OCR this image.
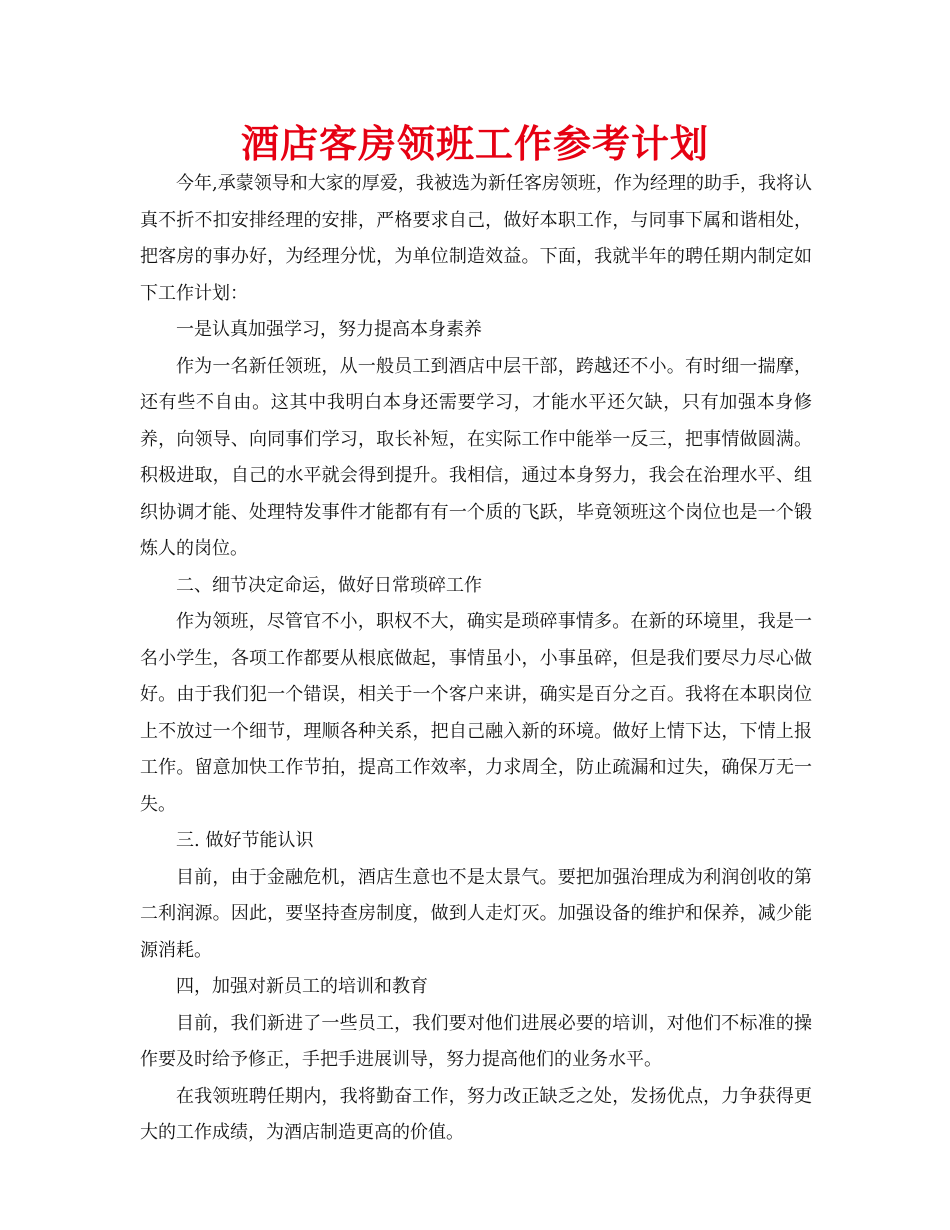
酒店客房领班工作参考计划

今年,承蒙领导和大家的厚爱，我被选为新任客房领班，作为经理的助手，我将认真不折不扣安排经理的安排，严格要求自己，做好本职工作，与同事下属和谐相处，把客房的事办好，为经理分忧，为单位制造效益。下面，我就半年的聘任期内制定如下工作计划：

一是认真加强学习，努力提高本身素养

作为一名新任领班，从一般员工到酒店中层干部，跨越还不小。有时细一揣摩，还有些不自由。这其中我明白本身还需要学习，才能水平还欠缺，只有加强本身修养，向领导、向同事们学习，取长补短，在实际工作中能举一反三，把事情做圆满。积极进取，自己的水平就会得到提升。我相信，通过本身努力，我会在治理水平、组织协调才能、处理特发事件才能都有有一个质的飞跃，毕竟领班这个岗位也是一个锻炼人的岗位。

二、细节决定命运，做好日常琐碎工作

作为领班，尽管官不小，职权不大，确实是琐碎事情多。在新的环境里，我是一名小学生，各项工作都要从根底做起，事情虽小，小事虽碎，但是我们要尽力尽心做好。由于我们犯一个错误，相关于一个客户来讲，确实是百分之百。我将在本职岗位上不放过一个细节，理顺各种关系，把自己融入新的环境。做好上情下达，下情上报工作。留意加快工作节拍，提高工作效率，力求周全，防止疏漏和过失，确保万无一失。

三. 做好节能认识

目前，由于金融危机，酒店生意也不是太景气。要把加强治理成为利润创收的第二利润源。因此，要坚持查房制度，做到人走灯灭。加强设备的维护和保养，减少能源消耗。

四，加强对新员工的培训和教育

目前，我们新进了一些员工，我们要对他们进展必要的培训，对他们不标准的操作要及时给予修正，手把手进展训导，努力提高他们的业务水平。

在我领班聘任期内，我将勤奋工作，努力改正缺乏之处，发扬优点，力争获得更大的工作成绩，为酒店制造更高的价值。
